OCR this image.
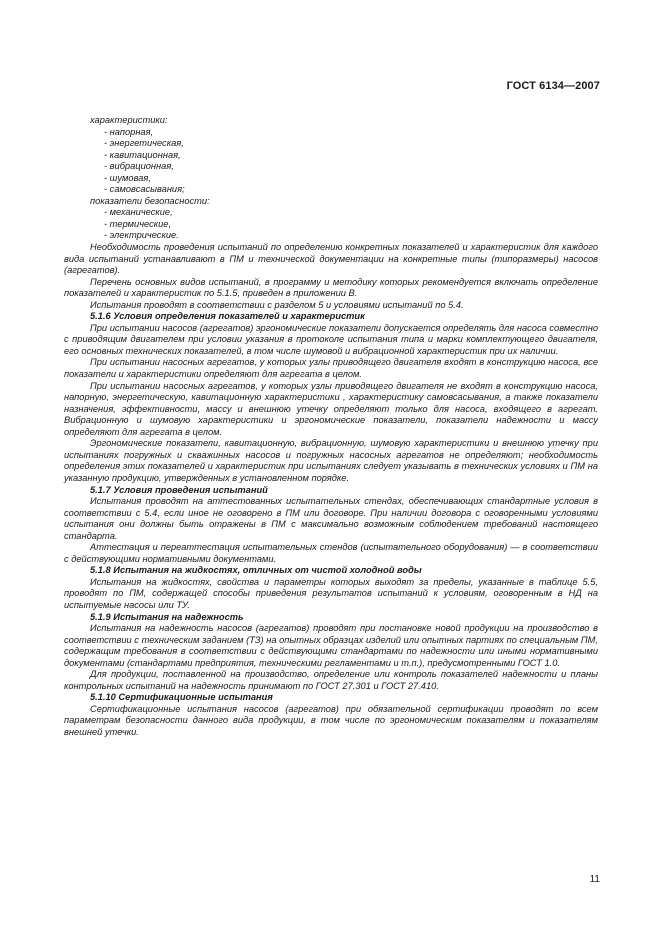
ГОСТ 6134—2007

характеристики:

- напорная,

- энергетическая,

- кавитационная,

- вибрационная,

- шумовая,

- самовсасывания;

показатели безопасности:

- механические,

- термические,

- электрические.

Необходимость проведения испытаний по определению конкретных показателей и характеристик для каждого вида испытаний устанавливают в ПМ и технической документации на конкретные типы (типоразмеры) насосов (агрегатов).

Перечень основных видов испытаний, в программу и методику которых рекомендуется включать определение показателей и характеристик по 5.1.5, приведен в приложении В.

Испытания проводят в соответствии с разделом 5 и условиями испытаний по 5.4.

5.1.6 Условия определения показателей и характеристик

При испытании насосов (агрегатов) эргономические показатели допускается определять для насоса совместно с приводящим двигателем при условии указания в протоколе испытания типа и марки комплектующего двигателя, его основных технических показателей, в том числе шумовой и вибрационной характеристик при их наличии.

При испытании насосных агрегатов, у которых узлы приводящего двигателя входят в конструкцию насоса, все показатели и характеристики определяют для агрегата в целом.

При испытании насосных агрегатов, у которых узлы приводящего двигателя не входят в конструкцию насоса, напорную, энергетическую, кавитационную характеристики , характеристику самовсасывания, а также показатели назначения, эффективности, массу и внешнюю утечку определяют только для насоса, входящего в агрегат. Вибрационную и шумовую характеристики и эргономические показатели, показатели надежности и массу определяют для агрегата в целом.

Эргономические показатели, кавитационную, вибрационную, шумовую характеристики и внешнюю утечку при испытаниях погружных и скважинных насосов и погружных насосных агрегатов не определяют; необходимость определения этих показателей и характеристик при испытаниях следует указывать в технических условиях и ПМ на указанную продукцию, утвержденных в установленном порядке.

5.1.7 Условия проведения испытаний

Испытания проводят на аттестованных испытательных стендах, обеспечивающих стандартные условия в соответствии с 5.4, если иное не оговорено в ПМ или договоре. При наличии договора с оговоренными условиями испытания они должны быть отражены в ПМ с максимально возможным соблюдением требований настоящего стандарта.

Аттестация и переаттестация испытательных стендов (испытательного оборудования) — в соответствии с действующими нормативными документами.

5.1.8 Испытания на жидкостях, отличных от чистой холодной воды

Испытания на жидкостях, свойства и параметры которых выходят за пределы, указанные в таблице 5.5, проводят по ПМ, содержащей способы приведения результатов испытаний к условиям, оговоренным в НД на испытуемые насосы или ТУ.

5.1.9 Испытания на надежность

Испытания на надежность насосов (агрегатов) проводят при постановке новой продукции на производство в соответствии с техническим заданием (ТЗ) на опытных образцах изделий или опытных партиях по специальным ПМ, содержащим требования в соответствии с действующими стандартами по надежности или иными нормативными документами (стандартами предприятия, техническими регламентами и т.п.), предусмотренными ГОСТ 1.0.

Для продукции, поставленной на производство, определение или контроль показателей надежности и планы контрольных испытаний на надежность принимают по ГОСТ 27.301 и ГОСТ 27.410.

5.1.10 Сертификационные испытания

Сертификационные испытания насосов (агрегатов) при обязательной сертификации проводят по всем параметрам безопасности данного вида продукции, в том числе по эргономическим показателям и показателям внешней утечки.

11
